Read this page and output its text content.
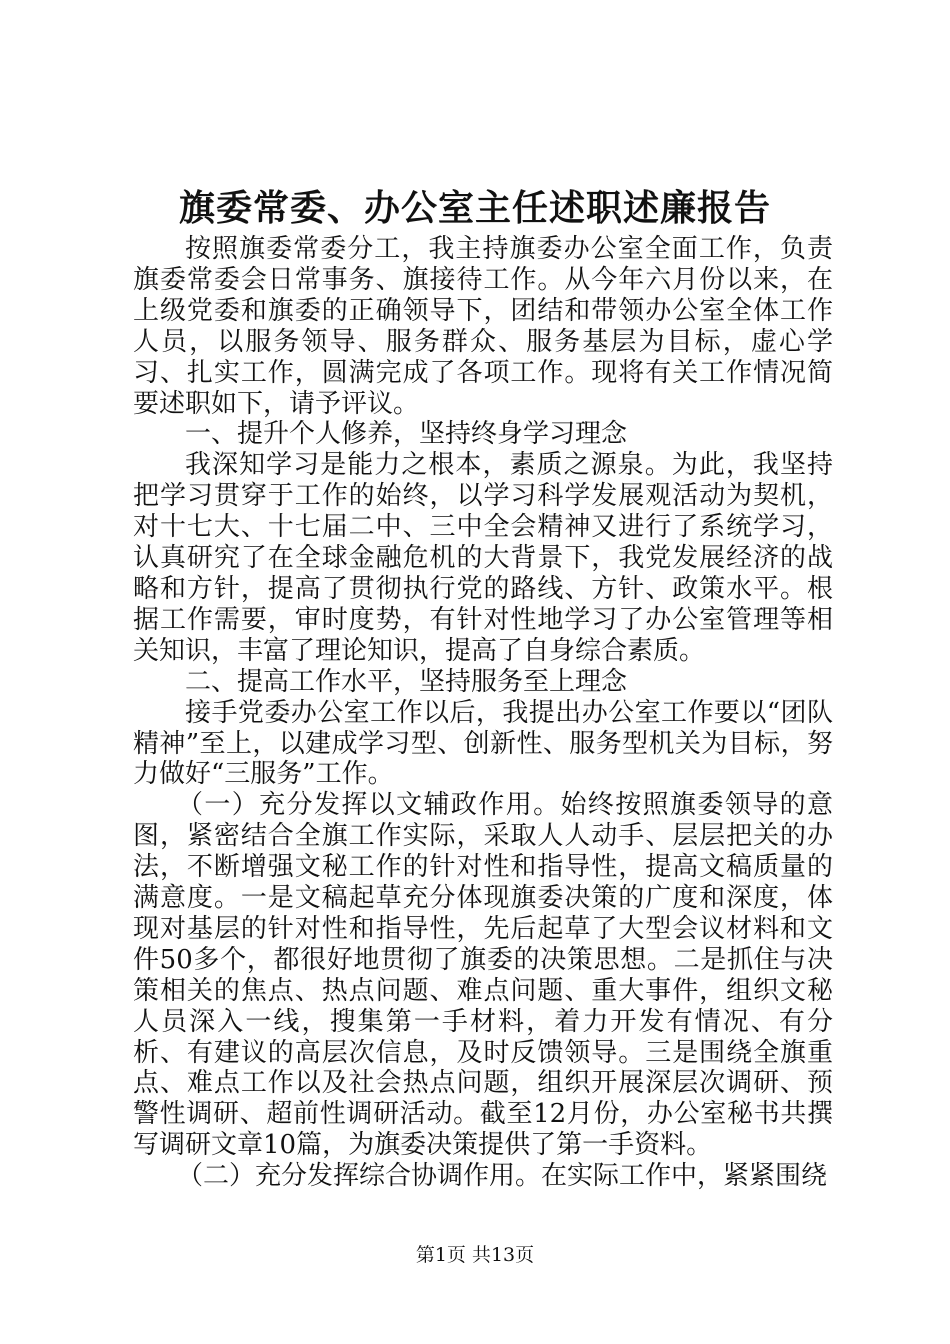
旗委常委、办公室主任述职述廉报告

按照旗委常委分工，我主持旗委办公室全面工作，负责旗委常委会日常事务、旗接待工作。从今年六月份以来，在上级党委和旗委的正确领导下，团结和带领办公室全体工作人员，以服务领导、服务群众、服务基层为目标，虚心学习、扎实工作，圆满完成了各项工作。现将有关工作情况简要述职如下，请予评议。

一、提升个人修养，坚持终身学习理念

我深知学习是能力之根本，素质之源泉。为此，我坚持把学习贯穿于工作的始终，以学习科学发展观活动为契机，对十七大、十七届二中、三中全会精神又进行了系统学习，认真研究了在全球金融危机的大背景下，我党发展经济的战略和方针，提高了贯彻执行党的路线、方针、政策水平。根据工作需要，审时度势，有针对性地学习了办公室管理等相关知识，丰富了理论知识，提高了自身综合素质。

二、提高工作水平，坚持服务至上理念

接手党委办公室工作以后，我提出办公室工作要以“团队精神”至上，以建成学习型、创新性、服务型机关为目标，努力做好“三服务”工作。

（一）充分发挥以文辅政作用。始终按照旗委领导的意图，紧密结合全旗工作实际，采取人人动手、层层把关的办法，不断增强文秘工作的针对性和指导性，提高文稿质量的满意度。一是文稿起草充分体现旗委决策的广度和深度，体现对基层的针对性和指导性，先后起草了大型会议材料和文件50多个，都很好地贯彻了旗委的决策思想。二是抓住与决策相关的焦点、热点问题、难点问题、重大事件，组织文秘人员深入一线，搜集第一手材料，着力开发有情况、有分析、有建议的高层次信息，及时反馈领导。三是围绕全旗重点、难点工作以及社会热点问题，组织开展深层次调研、预警性调研、超前性调研活动。截至12月份，办公室秘书共撰写调研文章10篇，为旗委决策提供了第一手资料。

（二）充分发挥综合协调作用。在实际工作中，紧紧围绕

第1页 共13页
